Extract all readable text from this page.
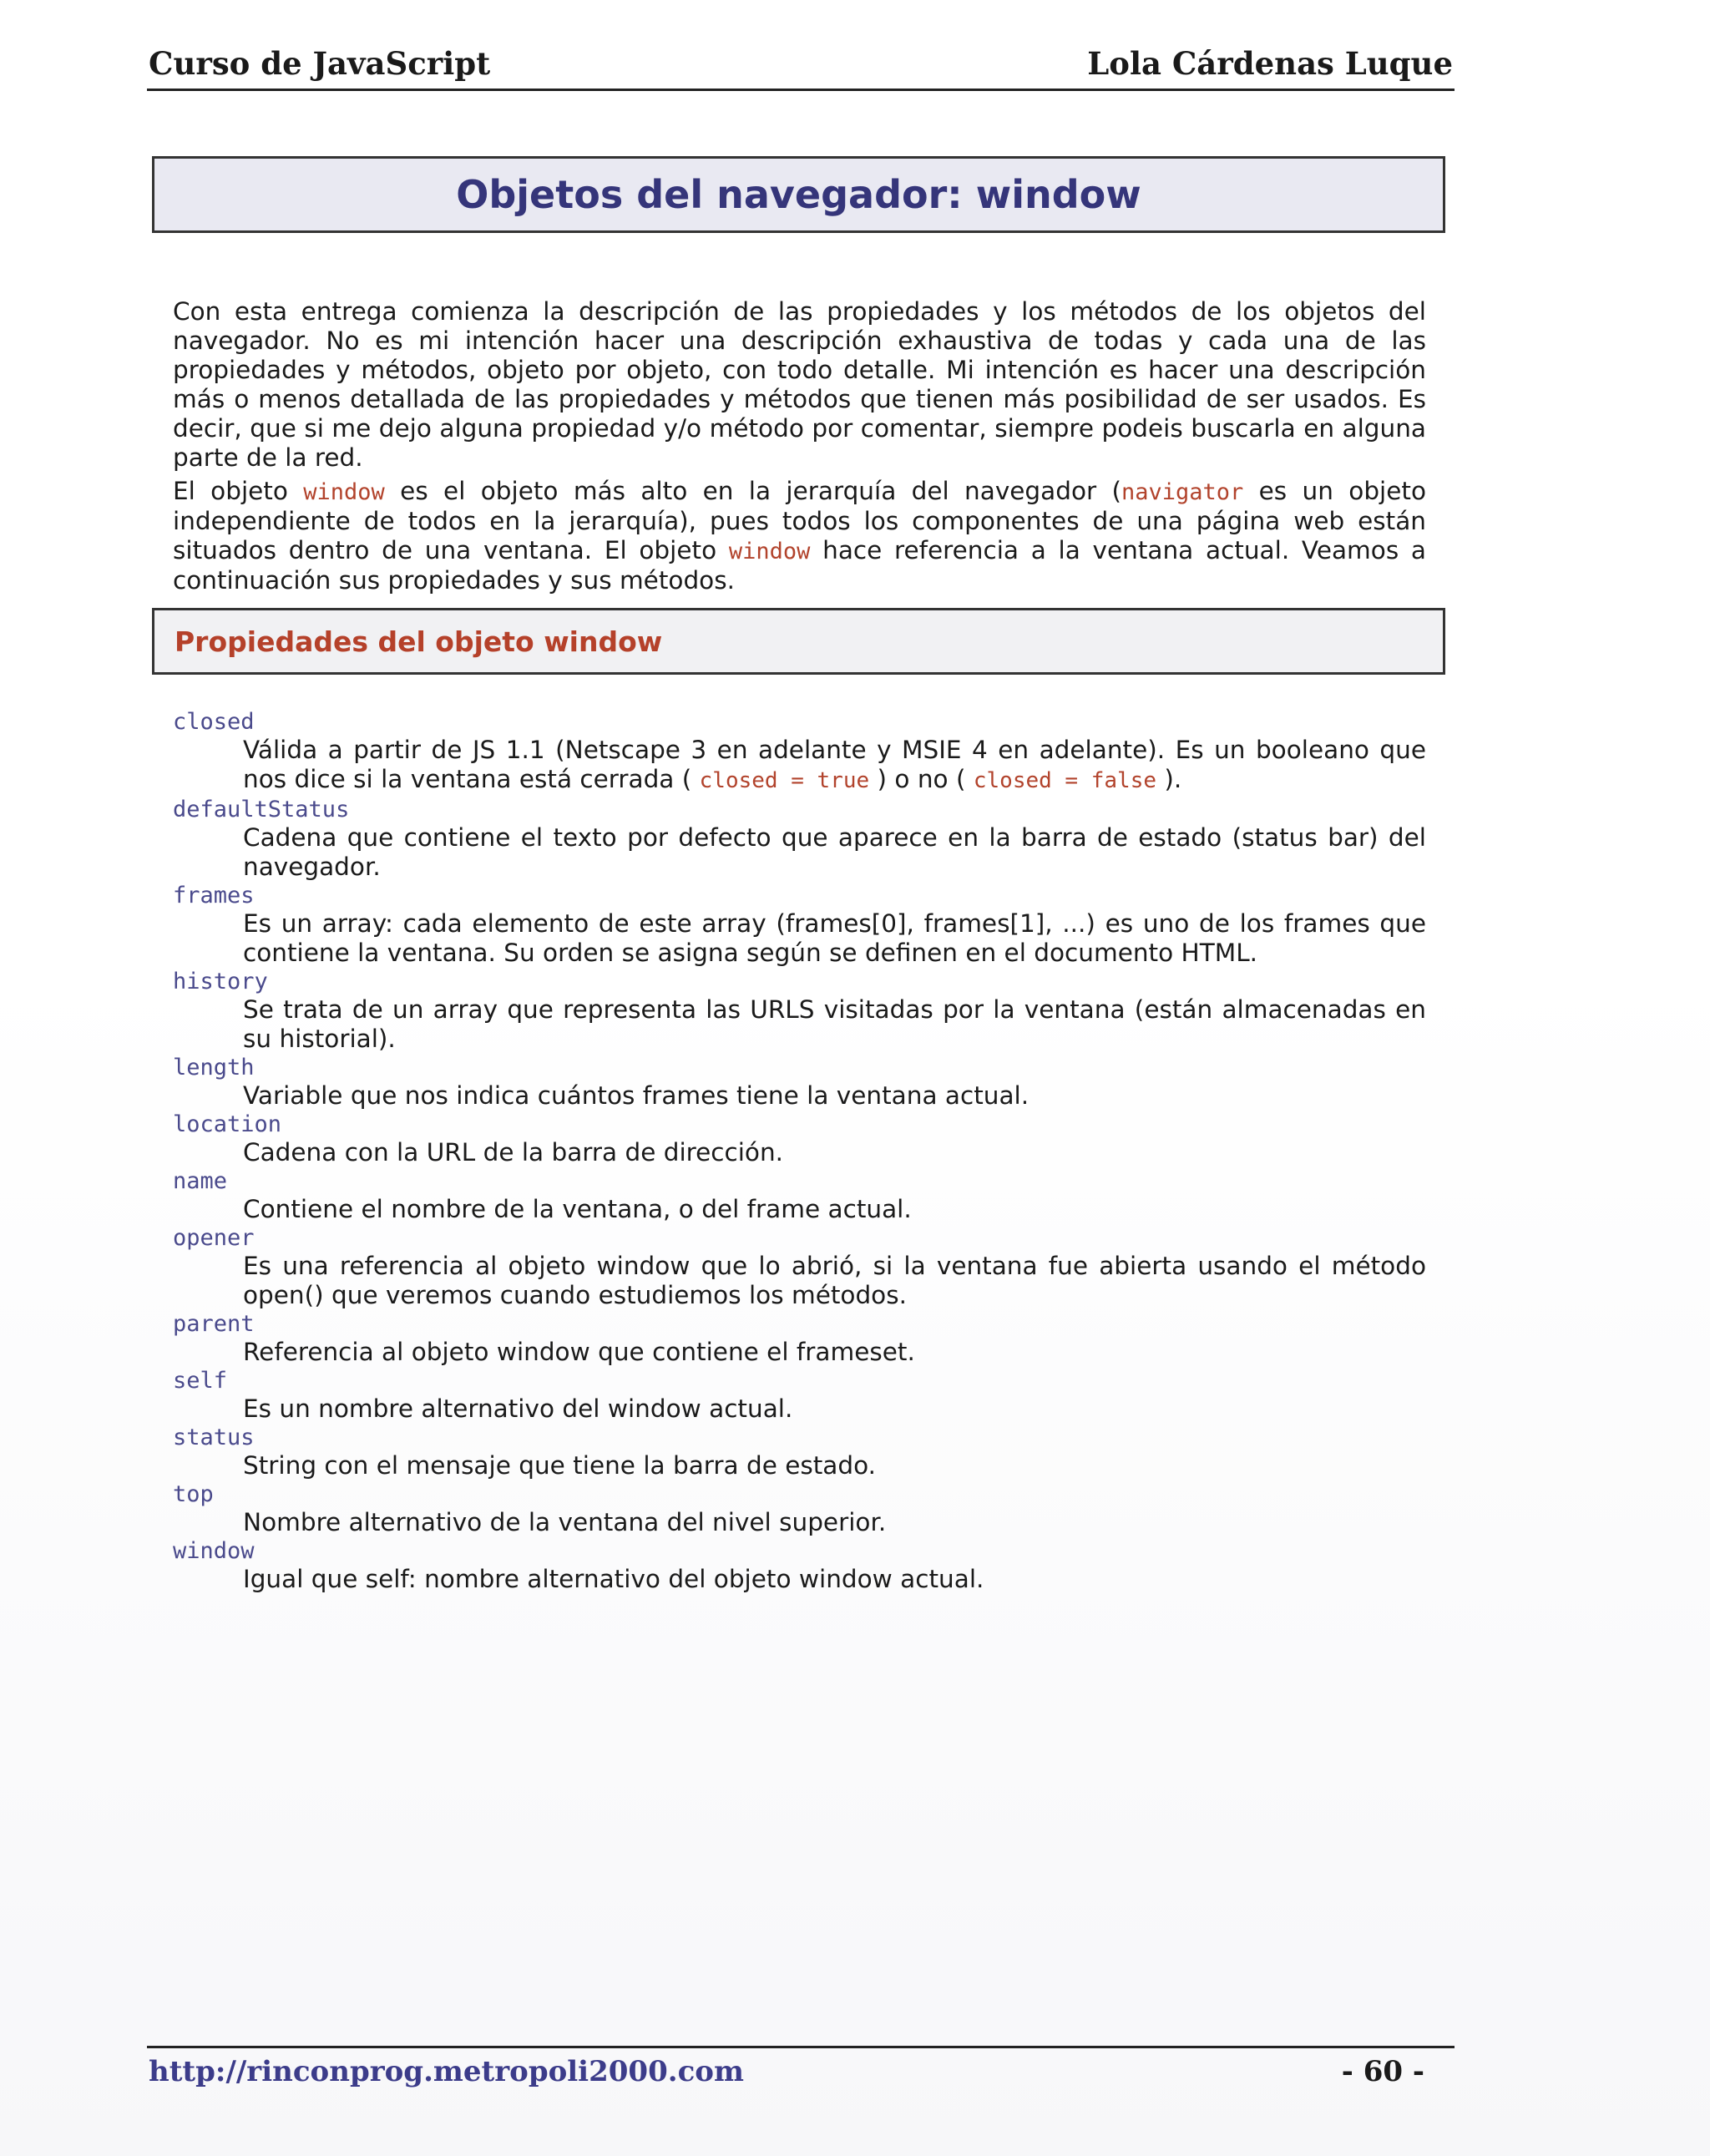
Curso de JavaScript	Lola Cárdenas Luque
Objetos del navegador: window

Con esta entrega comienza la descripción de las propiedades y los métodos de los objetos del navegador. No es mi intención hacer una descripción exhaustiva de todas y cada una de las propiedades y métodos, objeto por objeto, con todo detalle. Mi intención es hacer una descripción más o menos detallada de las propiedades y métodos que tienen más posibilidad de ser usados. Es decir, que si me dejo alguna propiedad y/o método por comentar, siempre podeis buscarla en alguna parte de la red.

El objeto window es el objeto más alto en la jerarquía del navegador (navigator es un objeto independiente de todos en la jerarquía), pues todos los componentes de una página web están situados dentro de una ventana. El objeto window hace referencia a la ventana actual. Veamos a continuación sus propiedades y sus métodos.

Propiedades del objeto window
closed
Válida a partir de JS 1.1 (Netscape 3 en adelante y MSIE 4 en adelante). Es un booleano que nos dice si la ventana está cerrada ( closed = true ) o no ( closed = false ).
defaultStatus
Cadena que contiene el texto por defecto que aparece en la barra de estado (status bar) del navegador.
frames
Es un array: cada elemento de este array (frames[0], frames[1], ...) es uno de los frames que contiene la ventana. Su orden se asigna según se definen en el documento HTML.
history
Se trata de un array que representa las URLS visitadas por la ventana (están almacenadas en su historial).
length
Variable que nos indica cuántos frames tiene la ventana actual.
location
Cadena con la URL de la barra de dirección.
name
Contiene el nombre de la ventana, o del frame actual.
opener
Es una referencia al objeto window que lo abrió, si la ventana fue abierta usando el método open() que veremos cuando estudiemos los métodos.
parent
Referencia al objeto window que contiene el frameset.
self
Es un nombre alternativo del window actual.
status
String con el mensaje que tiene la barra de estado.
top
Nombre alternativo de la ventana del nivel superior.
window
Igual que self: nombre alternativo del objeto window actual.
http://rinconprog.metropoli2000.com	- 60 -
